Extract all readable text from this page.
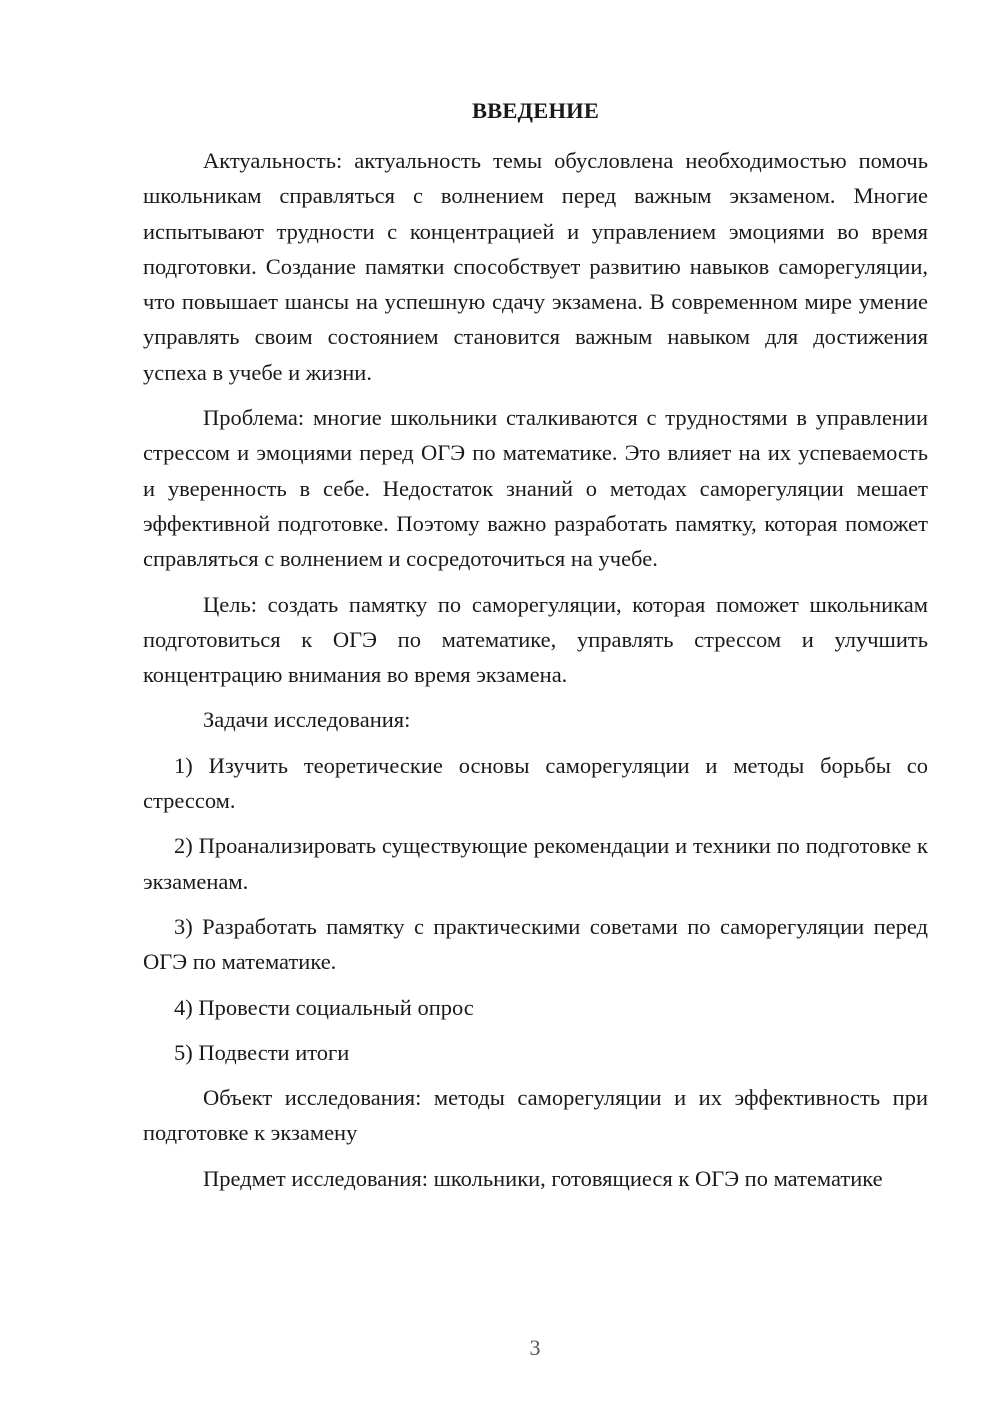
ВВЕДЕНИЕ

Актуальность: актуальность темы обусловлена необходимостью помочь школьникам справляться с волнением перед важным экзаменом. Многие испытывают трудности с концентрацией и управлением эмоциями во время подготовки. Создание памятки способствует развитию навыков саморегуляции, что повышает шансы на успешную сдачу экзамена. В современном мире умение управлять своим состоянием становится важным навыком для достижения успеха в учебе и жизни.

Проблема: многие школьники сталкиваются с трудностями в управлении стрессом и эмоциями перед ОГЭ по математике. Это влияет на их успеваемость и уверенность в себе. Недостаток знаний о методах саморегуляции мешает эффективной подготовке. Поэтому важно разработать памятку, которая поможет справляться с волнением и сосредоточиться на учебе.

Цель: создать памятку по саморегуляции, которая поможет школьникам подготовиться к ОГЭ по математике, управлять стрессом и улучшить концентрацию внимания во время экзамена.

Задачи исследования:

1) Изучить теоретические основы саморегуляции и методы борьбы со стрессом.

2) Проанализировать существующие рекомендации и техники по подготовке к экзаменам.

3) Разработать памятку с практическими советами по саморегуляции перед ОГЭ по математике.

4) Провести социальный опрос

5) Подвести итоги

Объект исследования: методы саморегуляции и их эффективность при подготовке к экзамену

Предмет исследования: школьники, готовящиеся к ОГЭ по математике

3
